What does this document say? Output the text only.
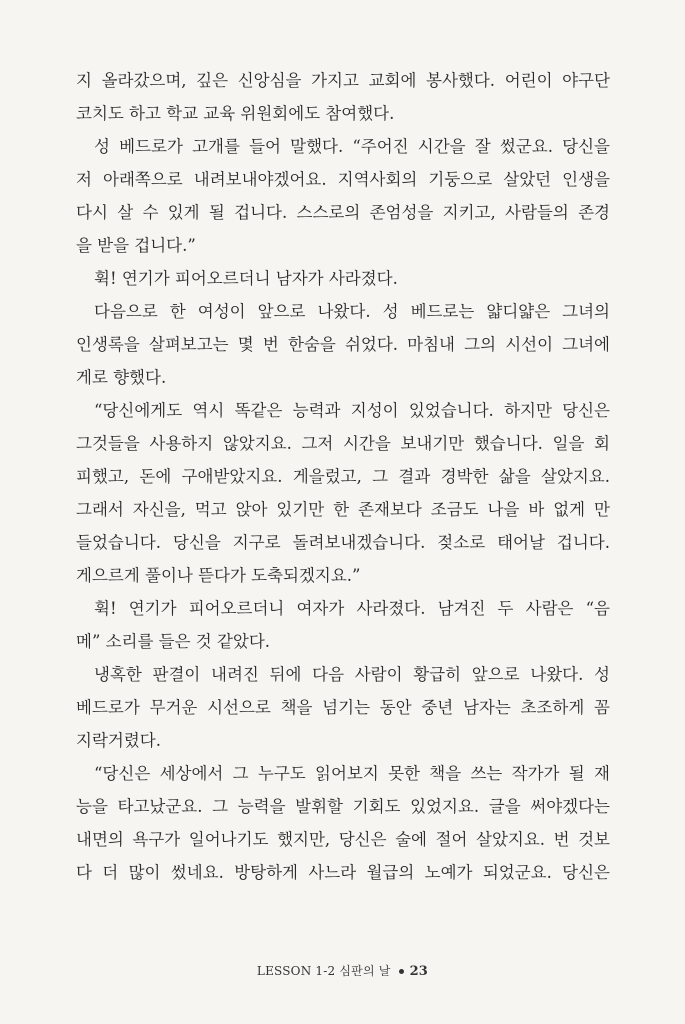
지 올라갔으며, 깊은 신앙심을 가지고 교회에 봉사했다. 어린이 야구단
코치도 하고 학교 교육 위원회에도 참여했다.
성 베드로가 고개를 들어 말했다. “주어진 시간을 잘 썼군요. 당신을
저 아래쪽으로 내려보내야겠어요. 지역사회의 기둥으로 살았던 인생을
다시 살 수 있게 될 겁니다. 스스로의 존엄성을 지키고, 사람들의 존경
을 받을 겁니다.”
휙! 연기가 피어오르더니 남자가 사라졌다.
다음으로 한 여성이 앞으로 나왔다. 성 베드로는 얇디얇은 그녀의
인생록을 살펴보고는 몇 번 한숨을 쉬었다. 마침내 그의 시선이 그녀에
게로 향했다.
“당신에게도 역시 똑같은 능력과 지성이 있었습니다. 하지만 당신은
그것들을 사용하지 않았지요. 그저 시간을 보내기만 했습니다. 일을 회
피했고, 돈에 구애받았지요. 게을렀고, 그 결과 경박한 삶을 살았지요.
그래서 자신을, 먹고 앉아 있기만 한 존재보다 조금도 나을 바 없게 만
들었습니다. 당신을 지구로 돌려보내겠습니다. 젖소로 태어날 겁니다.
게으르게 풀이나 뜯다가 도축되겠지요.”
휙! 연기가 피어오르더니 여자가 사라졌다. 남겨진 두 사람은 “음
메” 소리를 들은 것 같았다.
냉혹한 판결이 내려진 뒤에 다음 사람이 황급히 앞으로 나왔다. 성
베드로가 무거운 시선으로 책을 넘기는 동안 중년 남자는 초조하게 꼼
지락거렸다.
“당신은 세상에서 그 누구도 읽어보지 못한 책을 쓰는 작가가 될 재
능을 타고났군요. 그 능력을 발휘할 기회도 있었지요. 글을 써야겠다는
내면의 욕구가 일어나기도 했지만, 당신은 술에 절어 살았지요. 번 것보
다 더 많이 썼네요. 방탕하게 사느라 월급의 노예가 되었군요. 당신은
LESSON 1-2 심판의 날 23
